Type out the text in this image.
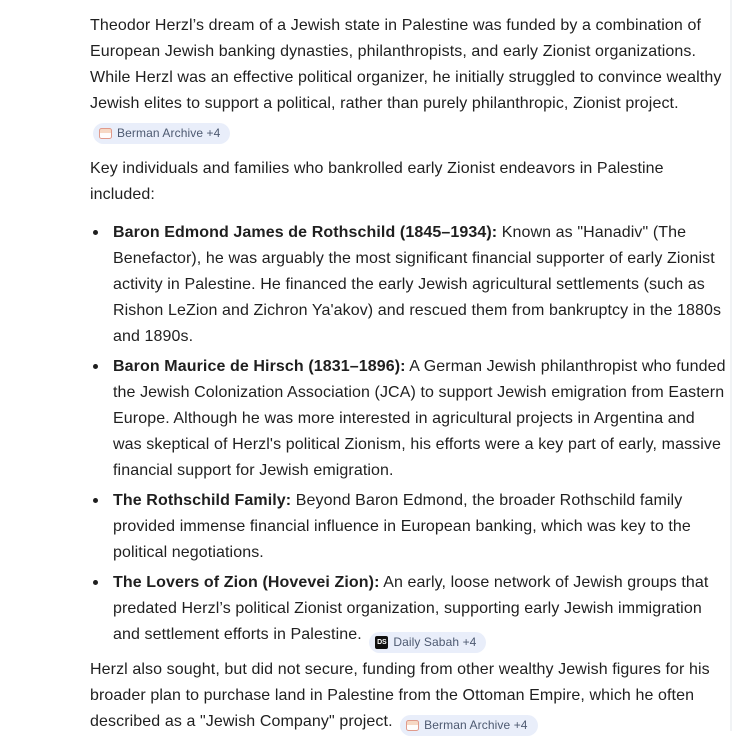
Theodor Herzl’s dream of a Jewish state in Palestine was funded by a combination of European Jewish banking dynasties, philanthropists, and early Zionist organizations. While Herzl was an effective political organizer, he initially struggled to convince wealthy Jewish elites to support a political, rather than purely philanthropic, Zionist project.
Berman Archive +4

Key individuals and families who bankrolled early Zionist endeavors in Palestine included:

Baron Edmond James de Rothschild (1845–1934): Known as "Hanadiv" (The Benefactor), he was arguably the most significant financial supporter of early Zionist activity in Palestine. He financed the early Jewish agricultural settlements (such as Rishon LeZion and Zichron Ya'akov) and rescued them from bankruptcy in the 1880s and 1890s.
Baron Maurice de Hirsch (1831–1896): A German Jewish philanthropist who funded the Jewish Colonization Association (JCA) to support Jewish emigration from Eastern Europe. Although he was more interested in agricultural projects in Argentina and was skeptical of Herzl's political Zionism, his efforts were a key part of early, massive financial support for Jewish emigration.
The Rothschild Family: Beyond Baron Edmond, the broader Rothschild family provided immense financial influence in European banking, which was key to the political negotiations.
The Lovers of Zion (Hovevei Zion): An early, loose network of Jewish groups that predated Herzl’s political Zionist organization, supporting early Jewish immigration and settlement efforts in Palestine. DS Daily Sabah +4

Herzl also sought, but did not secure, funding from other wealthy Jewish figures for his broader plan to purchase land in Palestine from the Ottoman Empire, which he often described as a "Jewish Company" project.	Berman Archive +4
